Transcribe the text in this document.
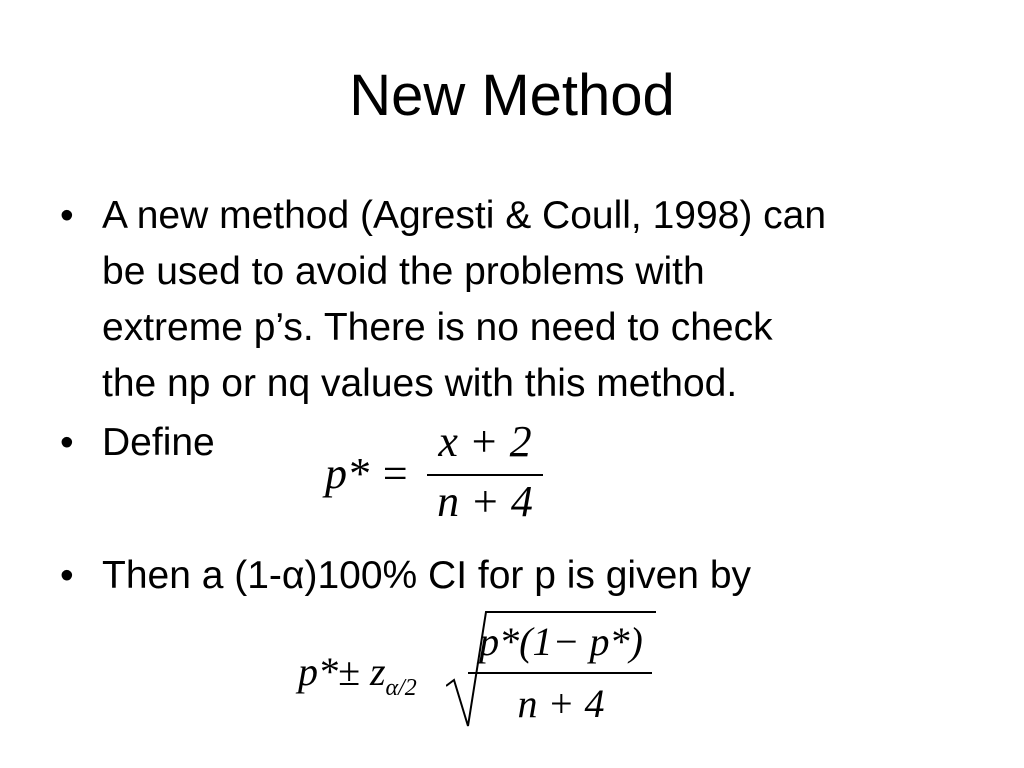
New Method
• A new method (Agresti & Coull, 1998) can
be used to avoid the problems with
extreme p’s. There is no need to check
the np or nq values with this method.
• Define
p* =
x + 2
n + 4
• Then a (1-α)100% CI for p is given by
$p*\pm z_{\alpha/2}$
p*(1− p*)
n + 4
